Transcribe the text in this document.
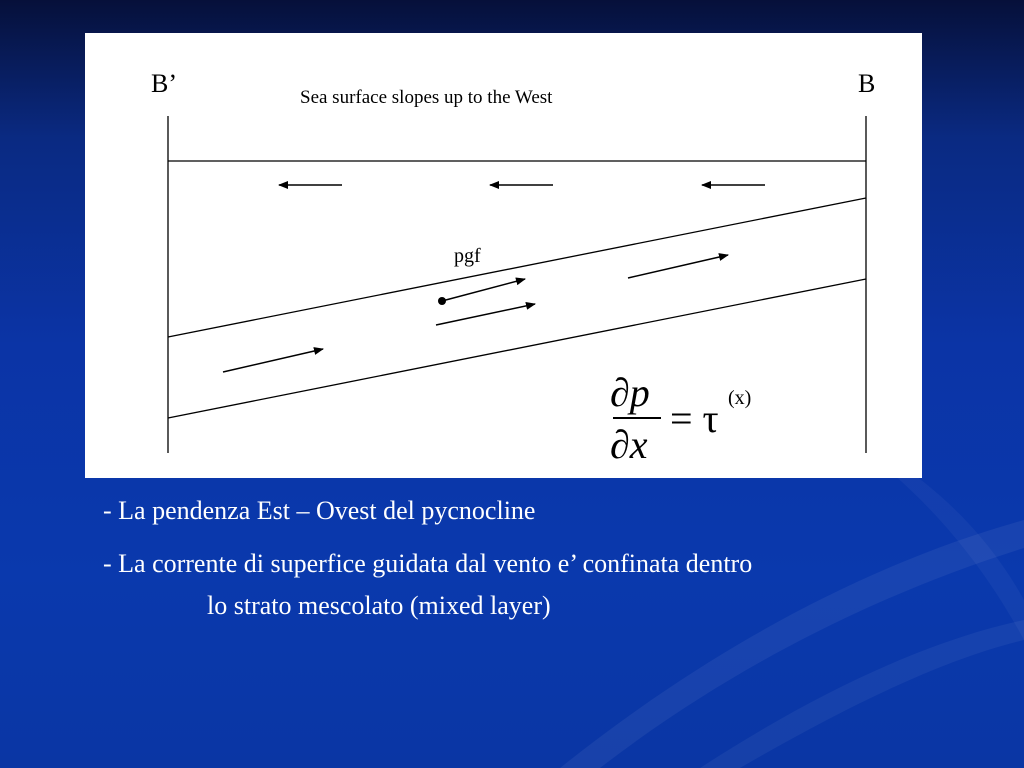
B’	B
Sea surface slopes up to the West
pgf
∂p
∂x
= τ (x)
- La pendenza Est – Ovest del pycnocline
- La corrente di superfice guidata dal vento e’ confinata dentro
lo strato mescolato (mixed layer)
